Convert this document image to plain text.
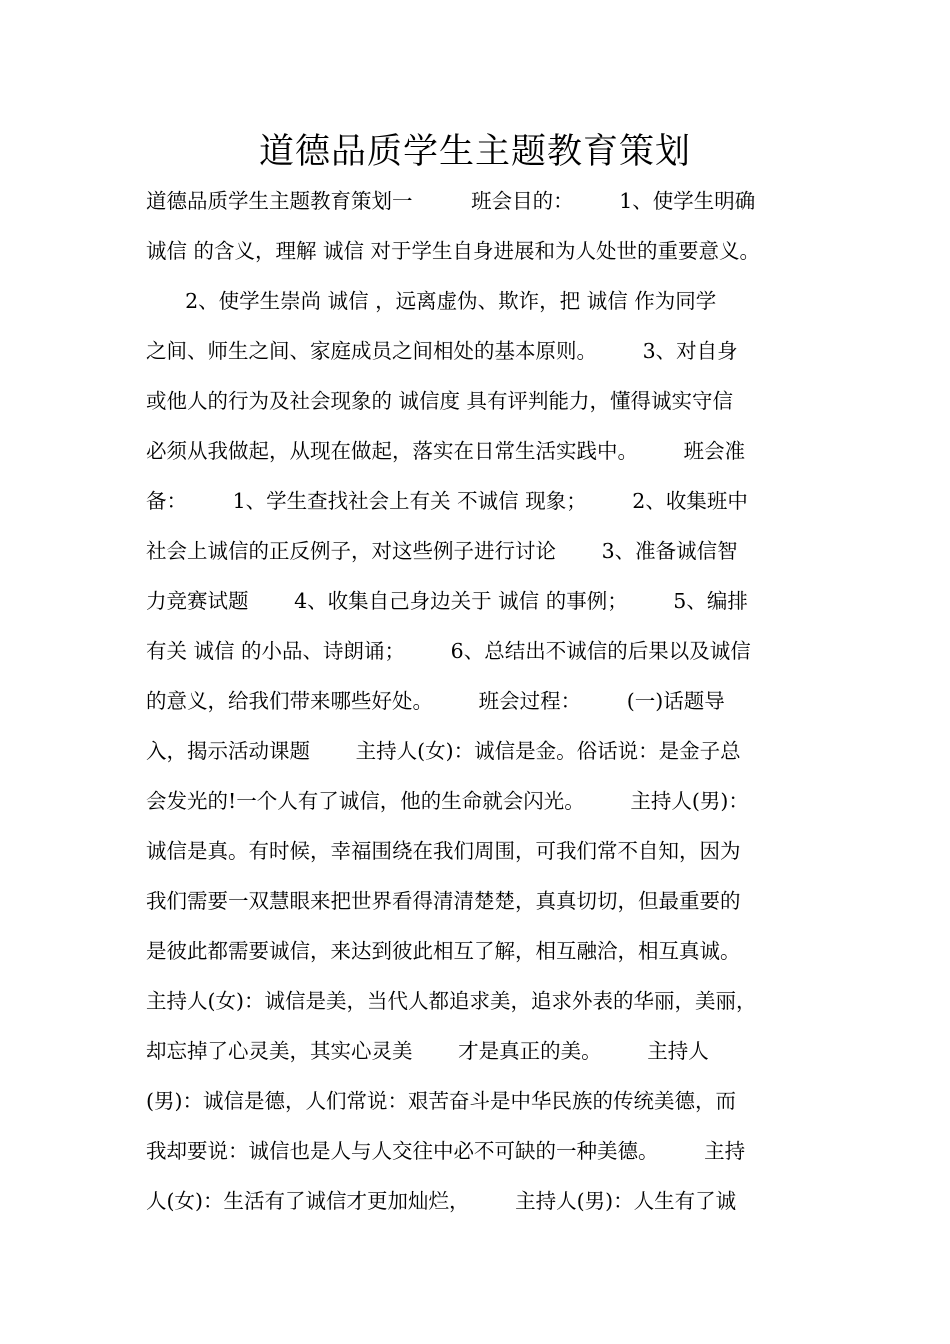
道德品质学生主题教育策划
道德品质学生主题教育策划一         班会目的：       1、使学生明确
诚信 的含义，理解 诚信 对于学生自身进展和为人处世的重要意义。
2、使学生崇尚 诚信 ，远离虚伪、欺诈，把 诚信 作为同学
之间、师生之间、家庭成员之间相处的基本原则。       3、对自身
或他人的行为及社会现象的 诚信度 具有评判能力，懂得诚实守信
必须从我做起，从现在做起，落实在日常生活实践中。       班会准
备：       1、学生查找社会上有关 不诚信 现象；       2、收集班中
社会上诚信的正反例子，对这些例子进行讨论       3、准备诚信智
力竞赛试题       4、收集自己身边关于 诚信 的事例；       5、编排
有关 诚信 的小品、诗朗诵；       6、总结出不诚信的后果以及诚信
的意义，给我们带来哪些好处。       班会过程：       (一)话题导
入，揭示活动课题       主持人(女)：诚信是金。俗话说：是金子总
会发光的!一个人有了诚信，他的生命就会闪光。       主持人(男)：
诚信是真。有时候，幸福围绕在我们周围，可我们常不自知，因为
我们需要一双慧眼来把世界看得清清楚楚，真真切切，但最重要的
是彼此都需要诚信，来达到彼此相互了解，相互融洽，相互真诚。
主持人(女)：诚信是美，当代人都追求美，追求外表的华丽，美丽，
却忘掉了心灵美，其实心灵美       才是真正的美。       主持人
(男)：诚信是德，人们常说：艰苦奋斗是中华民族的传统美德，而
我却要说：诚信也是人与人交往中必不可缺的一种美德。       主持
人(女)：生活有了诚信才更加灿烂，       主持人(男)：人生有了诚
